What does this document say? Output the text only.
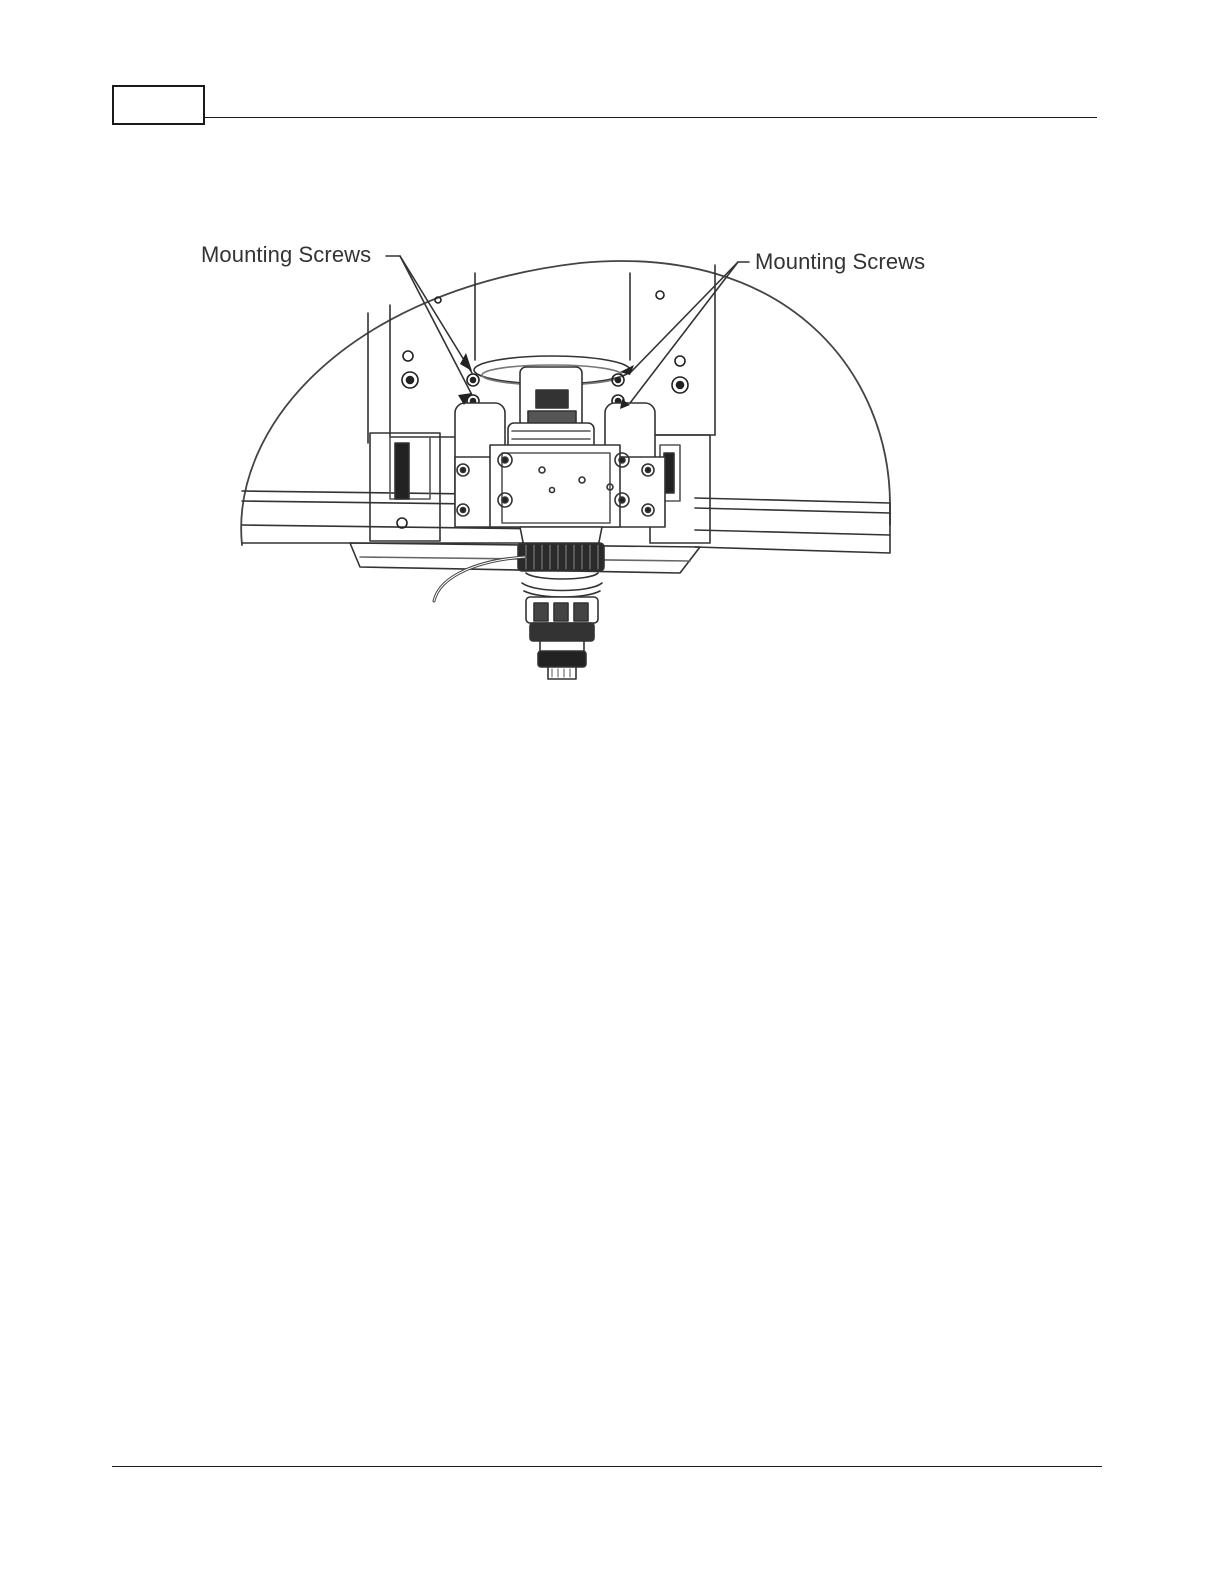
Mounting Screws	Mounting Screws
